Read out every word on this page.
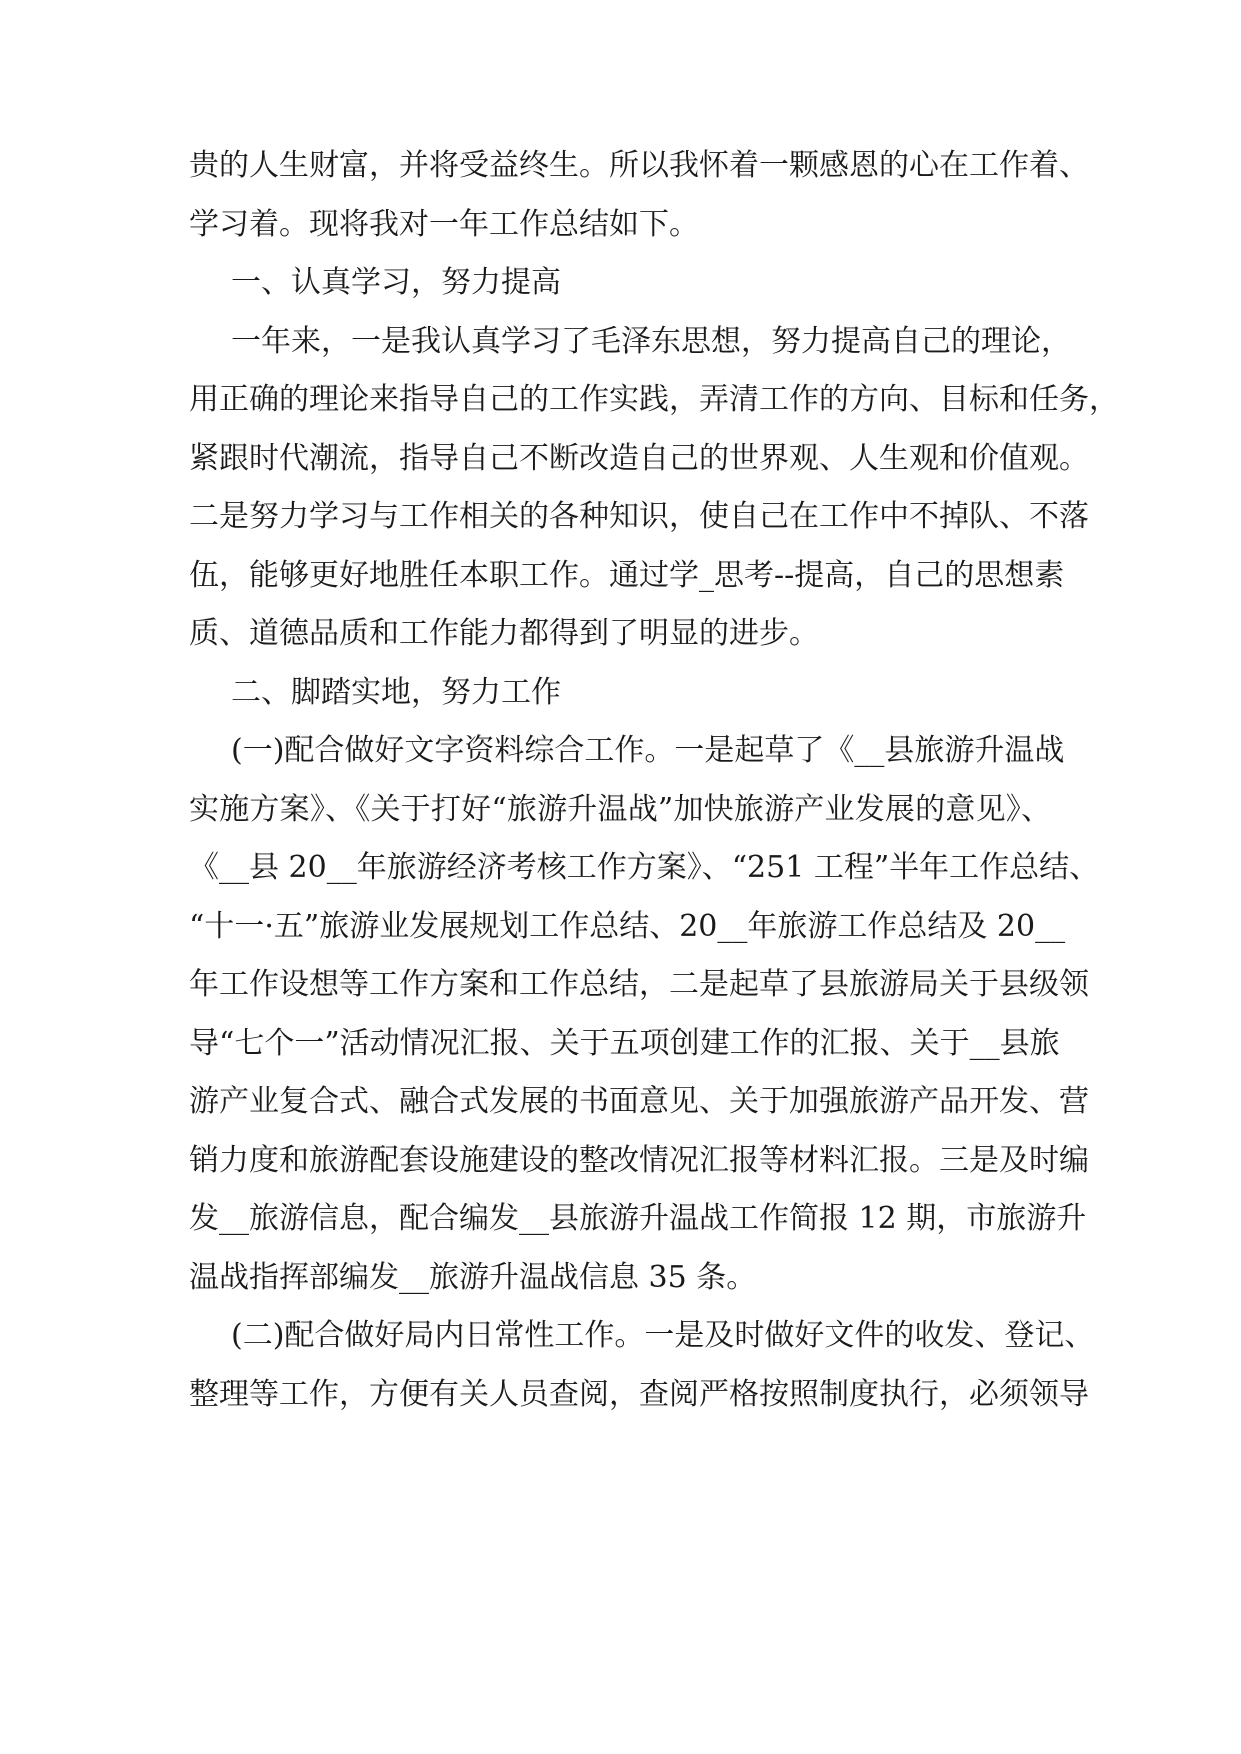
贵的人生财富，并将受益终生。所以我怀着一颗感恩的心在工作着、
学习着。现将我对一年工作总结如下。
一、认真学习，努力提高
一年来，一是我认真学习了毛泽东思想，努力提高自己的理论，
用正确的理论来指导自己的工作实践，弄清工作的方向、目标和任务，
紧跟时代潮流，指导自己不断改造自己的世界观、人生观和价值观。
二是努力学习与工作相关的各种知识，使自己在工作中不掉队、不落
伍，能够更好地胜任本职工作。通过学_思考--提高，自己的思想素
质、道德品质和工作能力都得到了明显的进步。
二、脚踏实地，努力工作
(一)配合做好文字资料综合工作。一是起草了《__县旅游升温战
实施方案》、《关于打好“旅游升温战”加快旅游产业发展的意见》、
《__县 20__年旅游经济考核工作方案》、“251 工程”半年工作总结、
“十一·五”旅游业发展规划工作总结、20__年旅游工作总结及 20__
年工作设想等工作方案和工作总结，二是起草了县旅游局关于县级领
导“七个一”活动情况汇报、关于五项创建工作的汇报、关于__县旅
游产业复合式、融合式发展的书面意见、关于加强旅游产品开发、营
销力度和旅游配套设施建设的整改情况汇报等材料汇报。三是及时编
发__旅游信息，配合编发__县旅游升温战工作简报 12 期，市旅游升
温战指挥部编发__旅游升温战信息 35 条。
(二)配合做好局内日常性工作。一是及时做好文件的收发、登记、
整理等工作，方便有关人员查阅，查阅严格按照制度执行，必须领导
